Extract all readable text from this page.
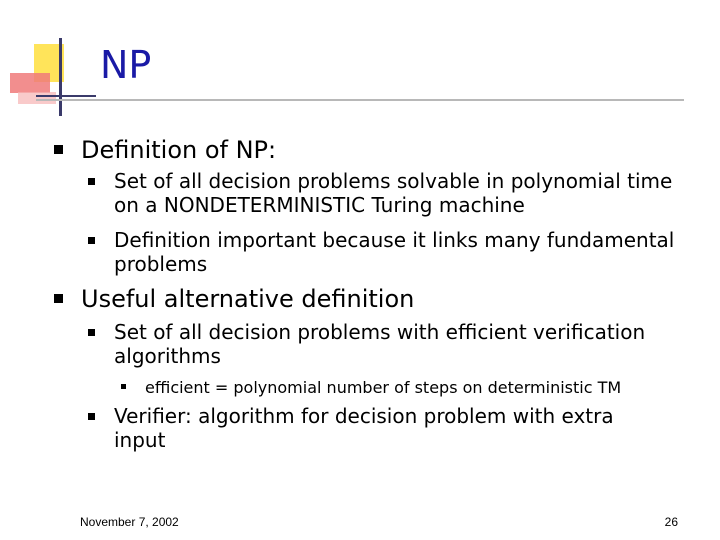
NP
Definition of NP:
Set of all decision problems solvable in polynomial time on a NONDETERMINISTIC Turing machine
Definition important because it links many fundamental problems
Useful alternative definition
Set of all decision problems with efficient verification algorithms
efficient = polynomial number of steps on deterministic TM
Verifier: algorithm for decision problem with extra input
November 7, 2002	26
